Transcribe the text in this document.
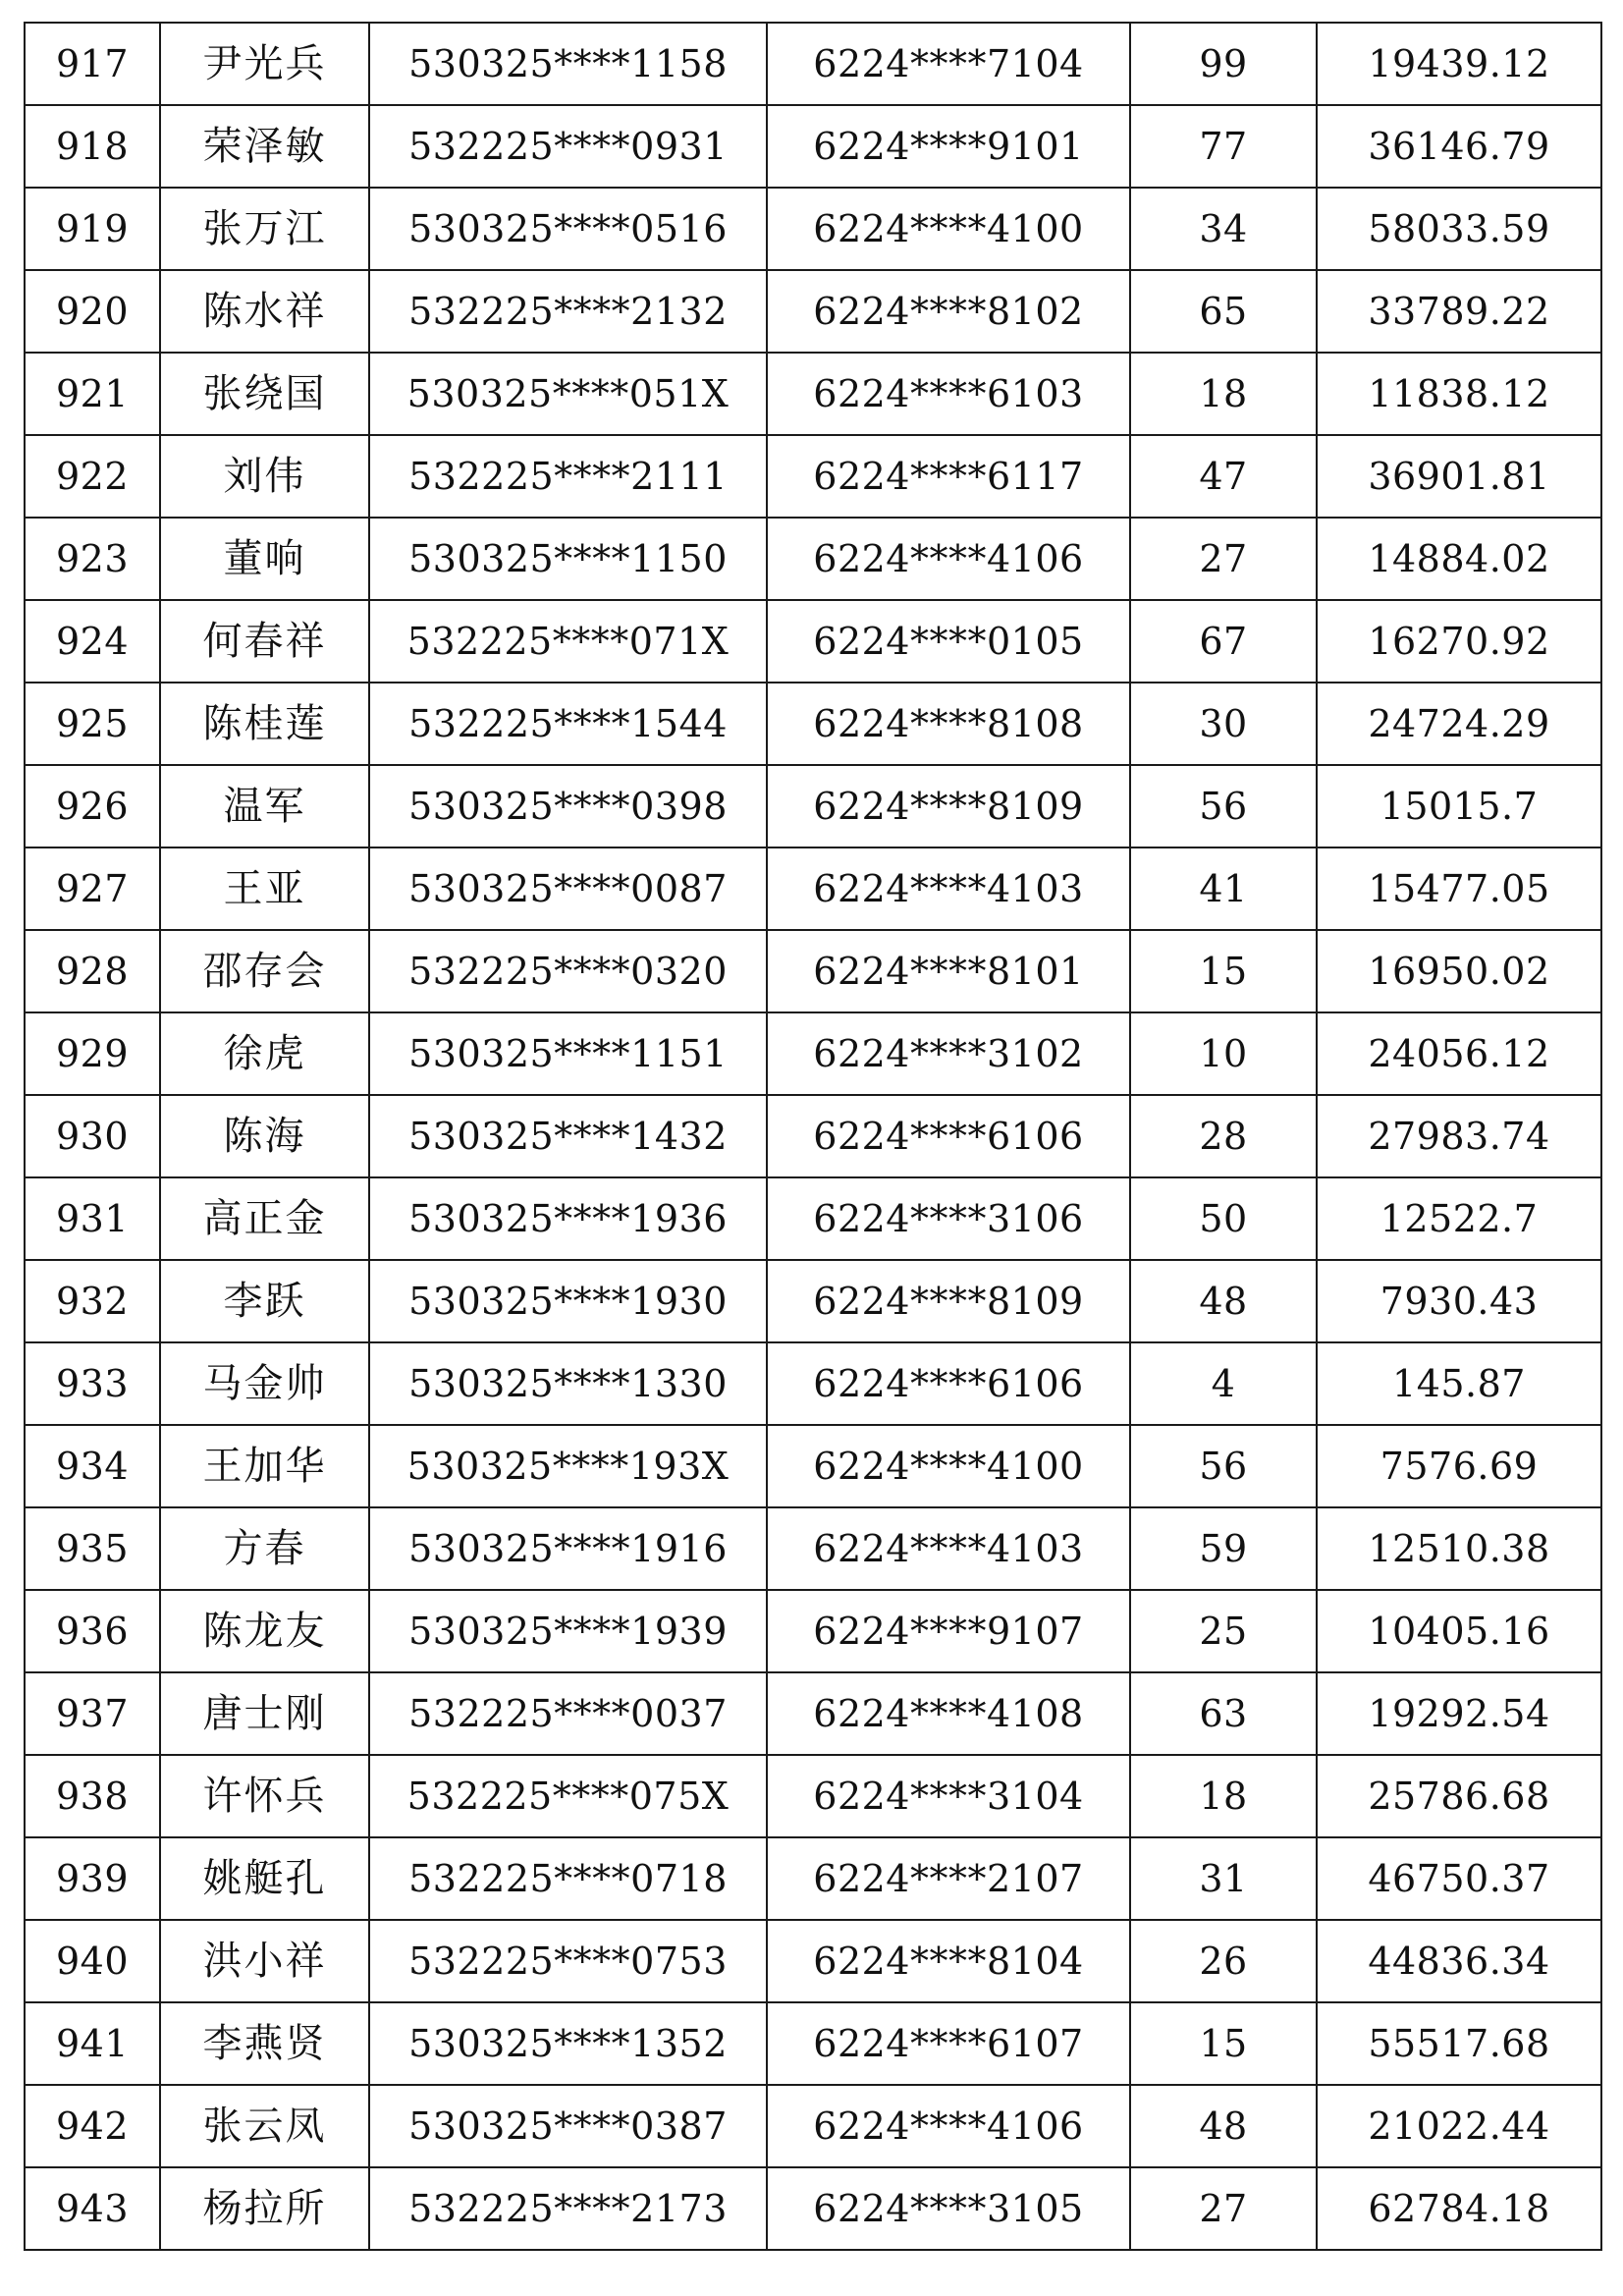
917	尹光兵	530325****1158	6224****7104	99	19439.12
918	荣泽敏	532225****0931	6224****9101	77	36146.79
919	张万江	530325****0516	6224****4100	34	58033.59
920	陈水祥	532225****2132	6224****8102	65	33789.22
921	张绕国	530325****051X	6224****6103	18	11838.12
922	刘伟	532225****2111	6224****6117	47	36901.81
923	董响	530325****1150	6224****4106	27	14884.02
924	何春祥	532225****071X	6224****0105	67	16270.92
925	陈桂莲	532225****1544	6224****8108	30	24724.29
926	温军	530325****0398	6224****8109	56	15015.7
927	王亚	530325****0087	6224****4103	41	15477.05
928	邵存会	532225****0320	6224****8101	15	16950.02
929	徐虎	530325****1151	6224****3102	10	24056.12
930	陈海	530325****1432	6224****6106	28	27983.74
931	高正金	530325****1936	6224****3106	50	12522.7
932	李跃	530325****1930	6224****8109	48	7930.43
933	马金帅	530325****1330	6224****6106	4	145.87
934	王加华	530325****193X	6224****4100	56	7576.69
935	方春	530325****1916	6224****4103	59	12510.38
936	陈龙友	530325****1939	6224****9107	25	10405.16
937	唐士刚	532225****0037	6224****4108	63	19292.54
938	许怀兵	532225****075X	6224****3104	18	25786.68
939	姚艇孔	532225****0718	6224****2107	31	46750.37
940	洪小祥	532225****0753	6224****8104	26	44836.34
941	李燕贤	530325****1352	6224****6107	15	55517.68
942	张云凤	530325****0387	6224****4106	48	21022.44
943	杨拉所	532225****2173	6224****3105	27	62784.18
